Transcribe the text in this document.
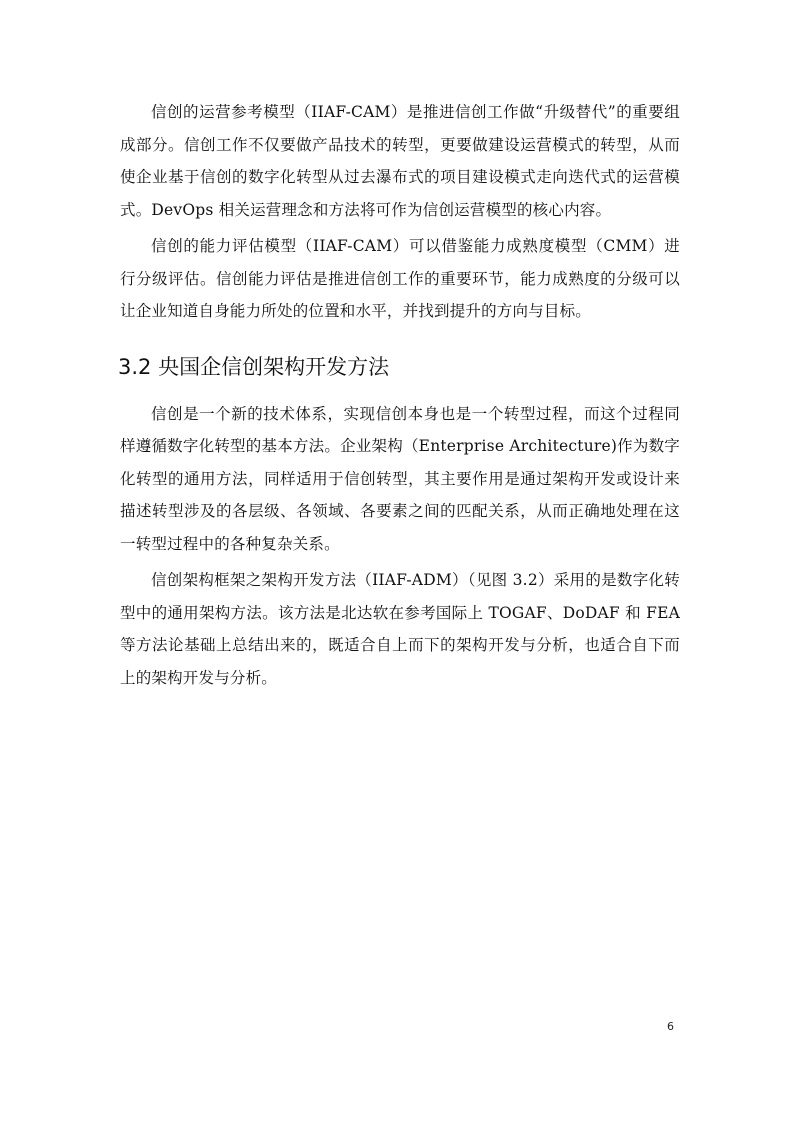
信创的运营参考模型（IIAF-CAM）是推进信创工作做“升级替代”的重要组成部分。信创工作不仅要做产品技术的转型，更要做建设运营模式的转型，从而使企业基于信创的数字化转型从过去瀑布式的项目建设模式走向迭代式的运营模式。DevOps 相关运营理念和方法将可作为信创运营模型的核心内容。

信创的能力评估模型（IIAF-CAM）可以借鉴能力成熟度模型（CMM）进行分级评估。信创能力评估是推进信创工作的重要环节，能力成熟度的分级可以让企业知道自身能力所处的位置和水平，并找到提升的方向与目标。

3.2 央国企信创架构开发方法

信创是一个新的技术体系，实现信创本身也是一个转型过程，而这个过程同样遵循数字化转型的基本方法。企业架构（Enterprise Architecture)作为数字化转型的通用方法，同样适用于信创转型，其主要作用是通过架构开发或设计来描述转型涉及的各层级、各领域、各要素之间的匹配关系，从而正确地处理在这一转型过程中的各种复杂关系。

信创架构框架之架构开发方法（IIAF-ADM）（见图 3.2）采用的是数字化转型中的通用架构方法。该方法是北达软在参考国际上 TOGAF、DoDAF 和 FEA 等方法论基础上总结出来的，既适合自上而下的架构开发与分析，也适合自下而上的架构开发与分析。

6
